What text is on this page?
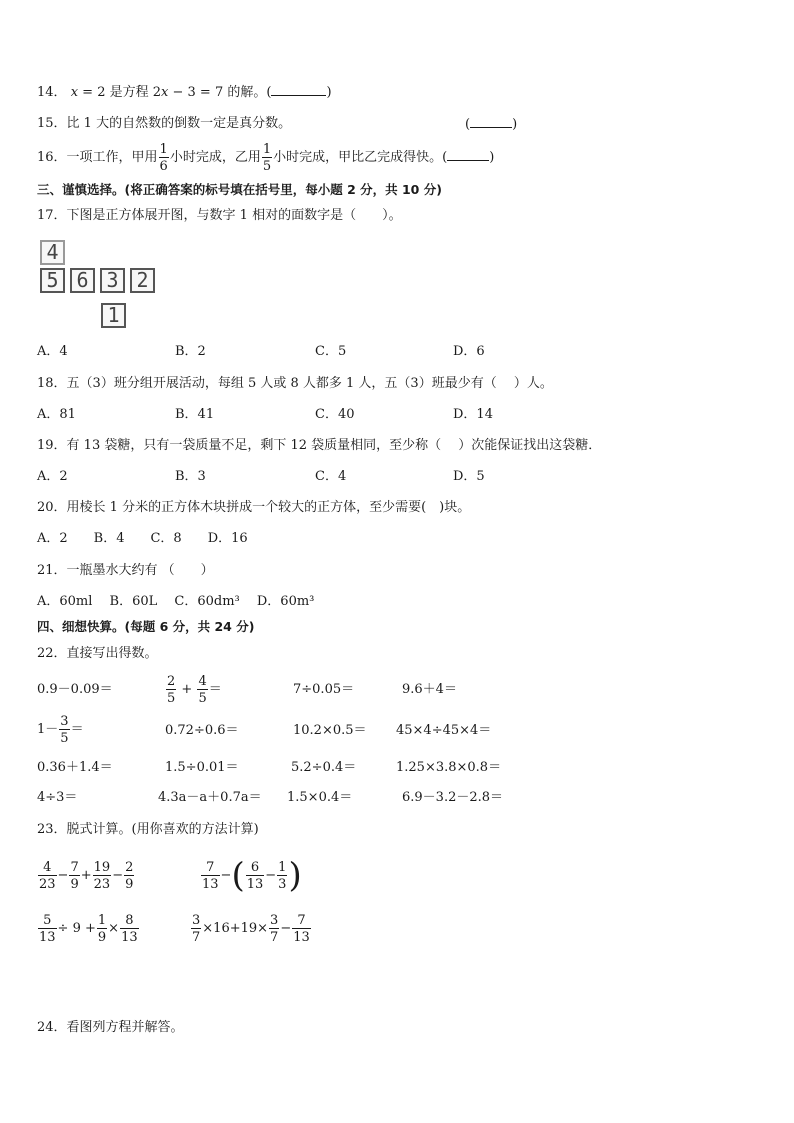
14． x = 2 是方程 2x − 3 = 7 的解。(	)
15．比 1 大的自然数的倒数一定是真分数。	(	)
16．一项工作，甲用 $\frac{1}{6}$ 小时完成，乙用 $\frac{1}{5}$ 小时完成，甲比乙完成得快。(	)
三、谨慎选择。(将正确答案的标号填在括号里，每小题 2 分，共 10 分)
17．下图是正方体展开图，与数字 1 相对的面数字是（　　）。
4
5 6 3 2
1
A．4	B．2	C．5	D．6
18．五（3）班分组开展活动，每组 5 人或 8 人都多 1 人，五（3）班最少有（　 ）人。
A．81	B．41	C．40	D．14
19．有 13 袋糖，只有一袋质量不足，剩下 12 袋质量相同，至少称（　 ）次能保证找出这袋糖．
A．2	B．3	C．4	D．5
20．用棱长 1 分米的正方体木块拼成一个较大的正方体，至少需要(　)块。
A．2　　B．4　　C．8　　D．16
21．一瓶墨水大约有 （　　）
A．60ml　 B．60L　 C．60dm³　 D．60m³
四、细想快算。(每题 6 分，共 24 分)
22．直接写出得数。
0.9－0.09＝	$\frac{2}{5} + \frac{4}{5}$ ＝	7÷0.05＝	9.6＋4＝
$1- \frac{3}{5}$ ＝	0.72÷0.6＝	10.2×0.5＝ 45×4÷45×4＝
0.36＋1.4＝	1.5÷0.01＝	5.2÷0.4＝	1.25×3.8×0.8＝
4÷3＝	4.3a－a＋0.7a＝ 1.5×0.4＝	6.9－3.2－2.8＝
23．脱式计算。(用你喜欢的方法计算)
$\frac{4}{23} - \frac{7}{9} + \frac{19}{23} - \frac{2}{9}$	$\frac{7}{13}$ −( $\frac{6}{13} - \frac{1}{3}$ )
$\frac{5}{13} \div 9 + \frac{1}{9} \times \frac{8}{13}$	$\frac{3}{7} \times 16+19\times \frac{3}{7} - \frac{7}{13}$
24．看图列方程并解答。
